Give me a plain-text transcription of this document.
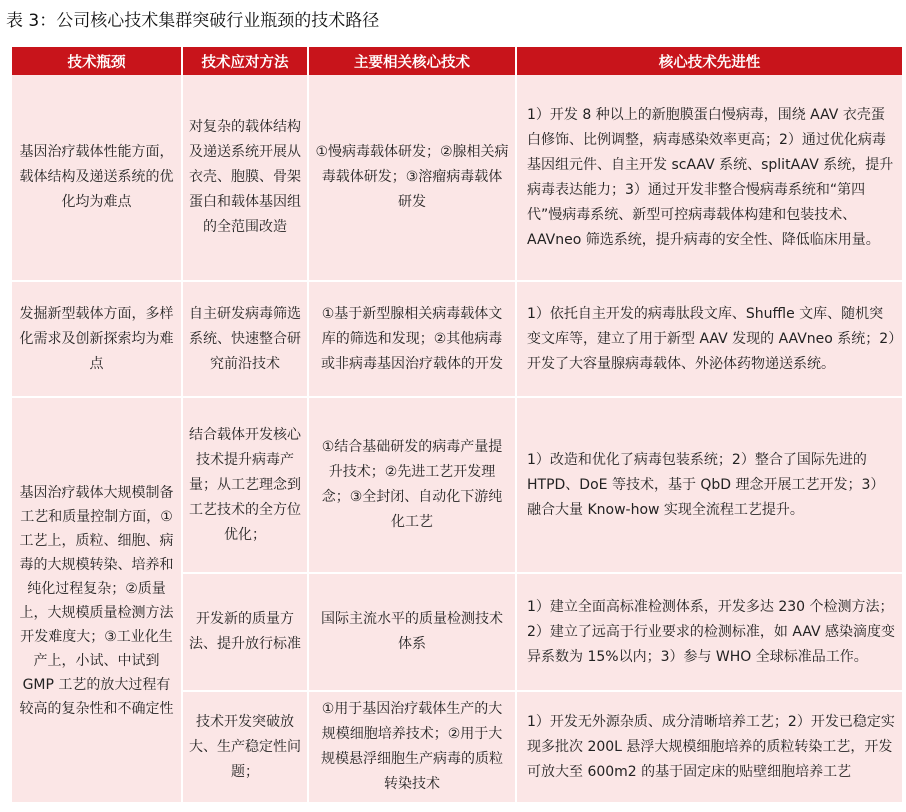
表 3：公司核心技术集群突破行业瓶颈的技术路径
技术瓶颈	技术应对方法	主要相关核心技术	核心技术先进性
基因治疗载体性能方面，载体结构及递送系统的优化均为难点	对复杂的载体结构及递送系统开展从衣壳、胞膜、骨架蛋白和载体基因组的全范围改造	①慢病毒载体研发；②腺相关病毒载体研发；③溶瘤病毒载体研发	1）开发 8 种以上的新胞膜蛋白慢病毒，围绕 AAV 衣壳蛋白修饰、比例调整，病毒感染效率更高；2）通过优化病毒基因组元件、自主开发 scAAV 系统、splitAAV 系统，提升病毒表达能力；3）通过开发非整合慢病毒系统和“第四代”慢病毒系统、新型可控病毒载体构建和包装技术、AAVneo 筛选系统，提升病毒的安全性、降低临床用量。
发掘新型载体方面，多样化需求及创新探索均为难点	自主研发病毒筛选系统、快速整合研究前沿技术	①基于新型腺相关病毒载体文库的筛选和发现；②其他病毒或非病毒基因治疗载体的开发	1）依托自主开发的病毒肽段文库、Shuffle 文库、随机突变文库等，建立了用于新型 AAV 发现的 AAVneo 系统；2）开发了大容量腺病毒载体、外泌体药物递送系统。
基因治疗载体大规模制备工艺和质量控制方面，①工艺上，质粒、细胞、病毒的大规模转染、培养和纯化过程复杂；②质量上，大规模质量检测方法开发难度大；③工业化生产上，小试、中试到 GMP 工艺的放大过程有较高的复杂性和不确定性	结合载体开发核心技术提升病毒产量；从工艺理念到工艺技术的全方位优化；	①结合基础研发的病毒产量提升技术；②先进工艺开发理念；③全封闭、自动化下游纯化工艺	1）改造和优化了病毒包装系统；2）整合了国际先进的 HTPD、DoE 等技术，基于 QbD 理念开展工艺开发；3）融合大量 Know-how 实现全流程工艺提升。
	开发新的质量方法、提升放行标准	国际主流水平的质量检测技术体系	1）建立全面高标准检测体系，开发多达 230 个检测方法；2）建立了远高于行业要求的检测标准，如 AAV 感染滴度变异系数为 15%以内；3）参与 WHO 全球标准品工作。
	技术开发突破放大、生产稳定性问题；	①用于基因治疗载体生产的大规模细胞培养技术；②用于大规模悬浮细胞生产病毒的质粒转染技术	1）开发无外源杂质、成分清晰培养工艺；2）开发已稳定实现多批次 200L 悬浮大规模细胞培养的质粒转染工艺，开发可放大至 600m2 的基于固定床的贴壁细胞培养工艺
